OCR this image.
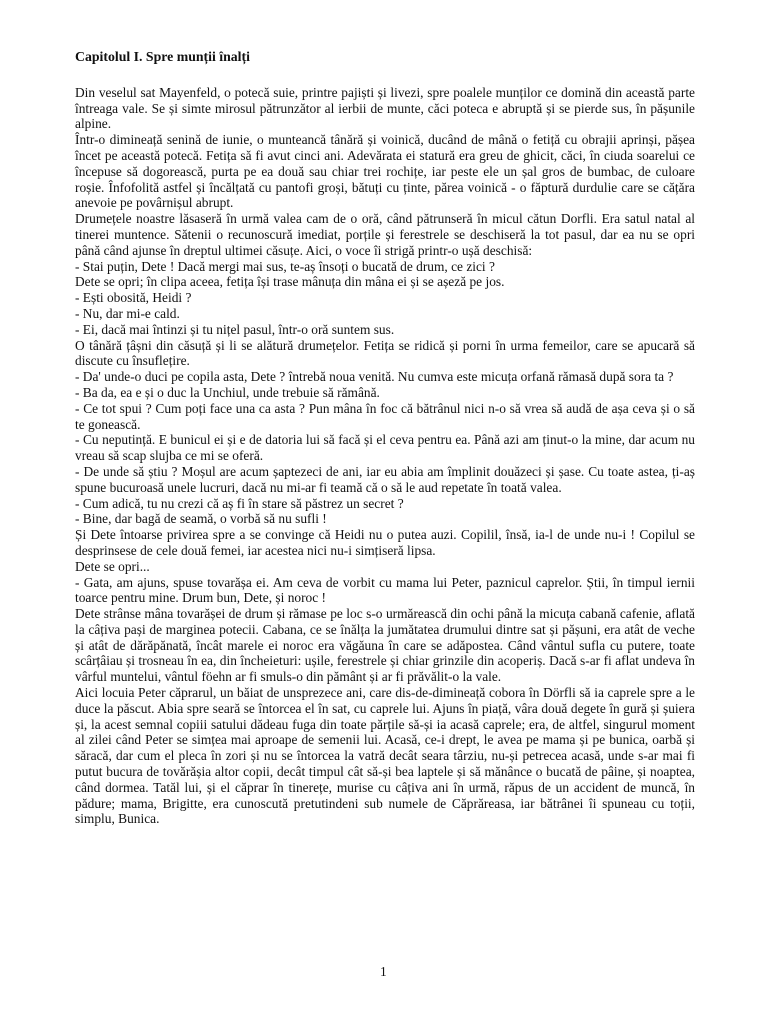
Capitolul I. Spre munții înalți

Din veselul sat Mayenfeld, o potecă suie, printre pajiști și livezi, spre poalele munților ce domină din această parte întreaga vale. Se și simte mirosul pătrunzător al ierbii de munte, căci poteca e abruptă și se pierde sus, în pășunile alpine.

Într-o dimineață senină de iunie, o munteancă tânără și voinică, ducând de mână o fetiță cu obrajii aprinși, pășea încet pe această potecă. Fetița să fi avut cinci ani. Adevărata ei statură era greu de ghicit, căci, în ciuda soarelui ce începuse să dogorească, purta pe ea două sau chiar trei rochițe, iar peste ele un șal gros de bumbac, de culoare roșie. Înfofolită astfel și încălțată cu pantofi groși, bătuți cu ținte, părea voinică - o făptură durdulie care se cățăra anevoie pe povârnișul abrupt.

Drumețele noastre lăsaseră în urmă valea cam de o oră, când pătrunseră în micul cătun Dorfli. Era satul natal al tinerei muntence. Sătenii o recunoscură imediat, porțile și ferestrele se deschiseră la tot pasul, dar ea nu se opri până când ajunse în dreptul ultimei căsuțe. Aici, o voce îi strigă printr-o ușă deschisă:

- Stai puțin, Dete ! Dacă mergi mai sus, te-aș însoți o bucată de drum, ce zici ?

Dete se opri; în clipa aceea, fetița își trase mânuța din mâna ei și se așeză pe jos.

- Ești obosită, Heidi ?

- Nu, dar mi-e cald.

- Ei, dacă mai întinzi și tu nițel pasul, într-o oră suntem sus.

O tânără țâșni din căsuță și li se alătură drumețelor. Fetița se ridică și porni în urma femeilor, care se apucară să discute cu însuflețire.

- Da' unde-o duci pe copila asta, Dete ? întrebă noua venită. Nu cumva este micuța orfană rămasă după sora ta ?

- Ba da, ea e și o duc la Unchiul, unde trebuie să rămână.

- Ce tot spui ? Cum poți face una ca asta ? Pun mâna în foc că bătrânul nici n-o să vrea să audă de așa ceva și o să te gonească.

- Cu neputință. E bunicul ei și e de datoria lui să facă și el ceva pentru ea. Până azi am ținut-o la mine, dar acum nu vreau să scap slujba ce mi se oferă.

- De unde să știu ? Moșul are acum șaptezeci de ani, iar eu abia am împlinit douăzeci și șase. Cu toate astea, ți-aș spune bucuroasă unele lucruri, dacă nu mi-ar fi teamă că o să le aud repetate în toată valea.

- Cum adică, tu nu crezi că aș fi în stare să păstrez un secret ?

- Bine, dar bagă de seamă, o vorbă să nu sufli !

Și Dete întoarse privirea spre a se convinge că Heidi nu o putea auzi. Copilil, însă, ia-l de unde nu-i ! Copilul se desprinsese de cele două femei, iar acestea nici nu-i simțiseră lipsa.

Dete se opri...

- Gata, am ajuns, spuse tovarășa ei. Am ceva de vorbit cu mama lui Peter, paznicul caprelor. Știi, în timpul iernii toarce pentru mine. Drum bun, Dete, și noroc !

Dete strânse mâna tovarășei de drum și rămase pe loc s-o urmărească din ochi până la micuța cabană cafenie, aflată la câțiva pași de marginea potecii. Cabana, ce se înălța la jumătatea drumului dintre sat și pășuni, era atât de veche și atât de dărăpănată, încât marele ei noroc era văgăuna în care se adăpostea. Când vântul sufla cu putere, toate scârțâiau și trosneau în ea, din încheieturi: ușile, ferestrele și chiar grinzile din acoperiș. Dacă s-ar fi aflat undeva în vârful muntelui, vântul föehn ar fi smuls-o din pământ și ar fi prăvălit-o la vale.

Aici locuia Peter căprarul, un băiat de unsprezece ani, care dis-de-dimineață cobora în Dörfli să ia caprele spre a le duce la păscut. Abia spre seară se întorcea el în sat, cu caprele lui. Ajuns în piață, vâra două degete în gură și șuiera și, la acest semnal copiii satului dădeau fuga din toate părțile să-și ia acasă caprele; era, de altfel, singurul moment al zilei când Peter se simțea mai aproape de semenii lui. Acasă, ce-i drept, le avea pe mama și pe bunica, oarbă și săracă, dar cum el pleca în zori și nu se întorcea la vatră decât seara târziu, nu-și petrecea acasă, unde s-ar mai fi putut bucura de tovărășia altor copii, decât timpul cât să-și bea laptele și să mănânce o bucată de pâine, și noaptea, când dormea. Tatăl lui, și el căprar în tinerețe, murise cu câțiva ani în urmă, răpus de un accident de muncă, în pădure; mama, Brigitte, era cunoscută pretutindeni sub numele de Căprăreasa, iar bătrânei îi spuneau cu toții, simplu, Bunica.

1
